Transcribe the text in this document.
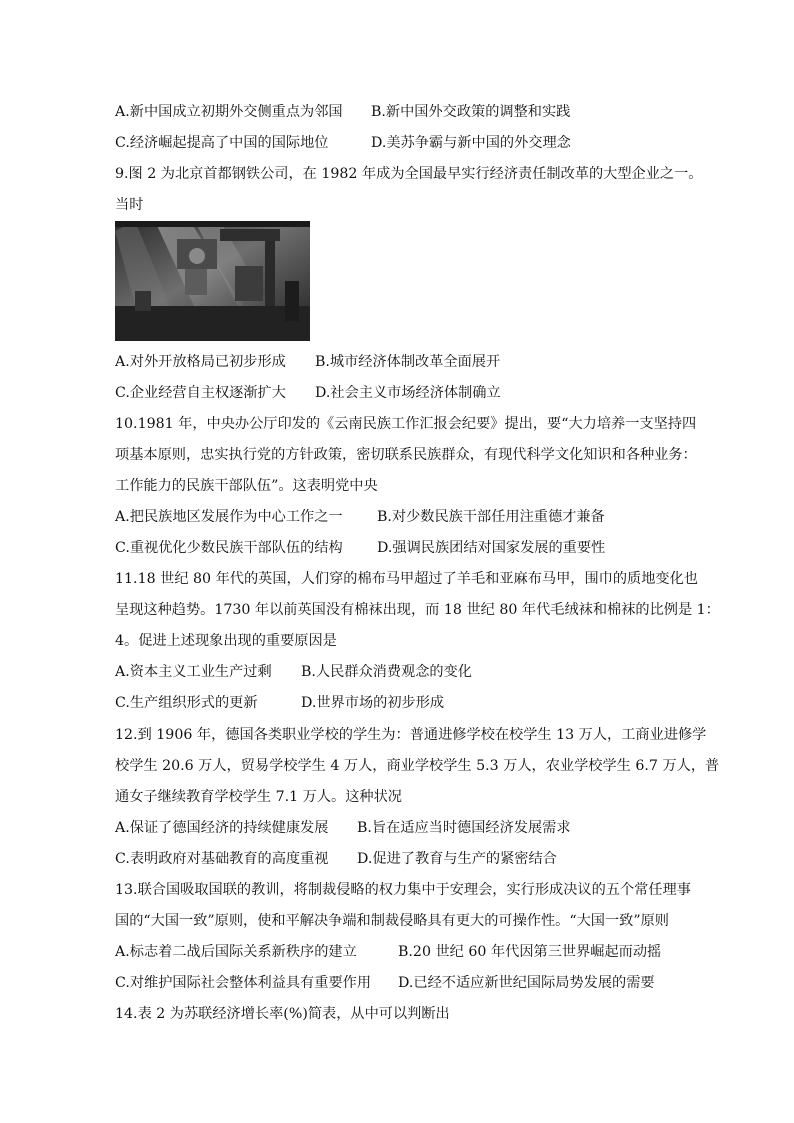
A.新中国成立初期外交侧重点为邻国 B.新中国外交政策的调整和实践
C.经济崛起提高了中国的国际地位	D.美苏争霸与新中国的外交理念
9.图 2 为北京首都钢铁公司，在 1982 年成为全国最早实行经济责任制改革的大型企业之一。
当时
A.对外开放格局已初步形成 B.城市经济体制改革全面展开
C.企业经营自主权逐渐扩大 D.社会主义市场经济体制确立
10.1981 年，中央办公厅印发的《云南民族工作汇报会纪要》提出，要“大力培养一支坚持四
项基本原则，忠实执行党的方针政策，密切联系民族群众，有现代科学文化知识和各种业务：
工作能力的民族干部队伍”。这表明党中央
A.把民族地区发展作为中心工作之一 B.对少数民族干部任用注重德才兼备
C.重视优化少数民族干部队伍的结构 D.强调民族团结对国家发展的重要性
11.18 世纪 80 年代的英国，人们穿的棉布马甲超过了羊毛和亚麻布马甲，围巾的质地变化也
呈现这种趋势。1730 年以前英国没有棉袜出现，而 18 世纪 80 年代毛绒袜和棉袜的比例是 1：
4。促进上述现象出现的重要原因是
A.资本主义工业生产过剩 B.人民群众消费观念的变化
C.生产组织形式的更新	D.世界市场的初步形成
12.到 1906 年，德国各类职业学校的学生为：普通进修学校在校学生 13 万人，工商业进修学
校学生 20.6 万人，贸易学校学生 4 万人，商业学校学生 5.3 万人，农业学校学生 6.7 万人，普
通女子继续教育学校学生 7.1 万人。这种状况
A.保证了德国经济的持续健康发展 B.旨在适应当时德国经济发展需求
C.表明政府对基础教育的高度重视 D.促进了教育与生产的紧密结合
13.联合国吸取国联的教训，将制裁侵略的权力集中于安理会，实行形成决议的五个常任理事
国的“大国一致”原则，使和平解决争端和制裁侵略具有更大的可操作性。“大国一致”原则
A.标志着二战后国际关系新秩序的建立	B.20 世纪 60 年代因第三世界崛起而动摇
C.对维护国际社会整体利益具有重要作用 D.已经不适应新世纪国际局势发展的需要
14.表 2 为苏联经济增长率(%)简表，从中可以判断出
